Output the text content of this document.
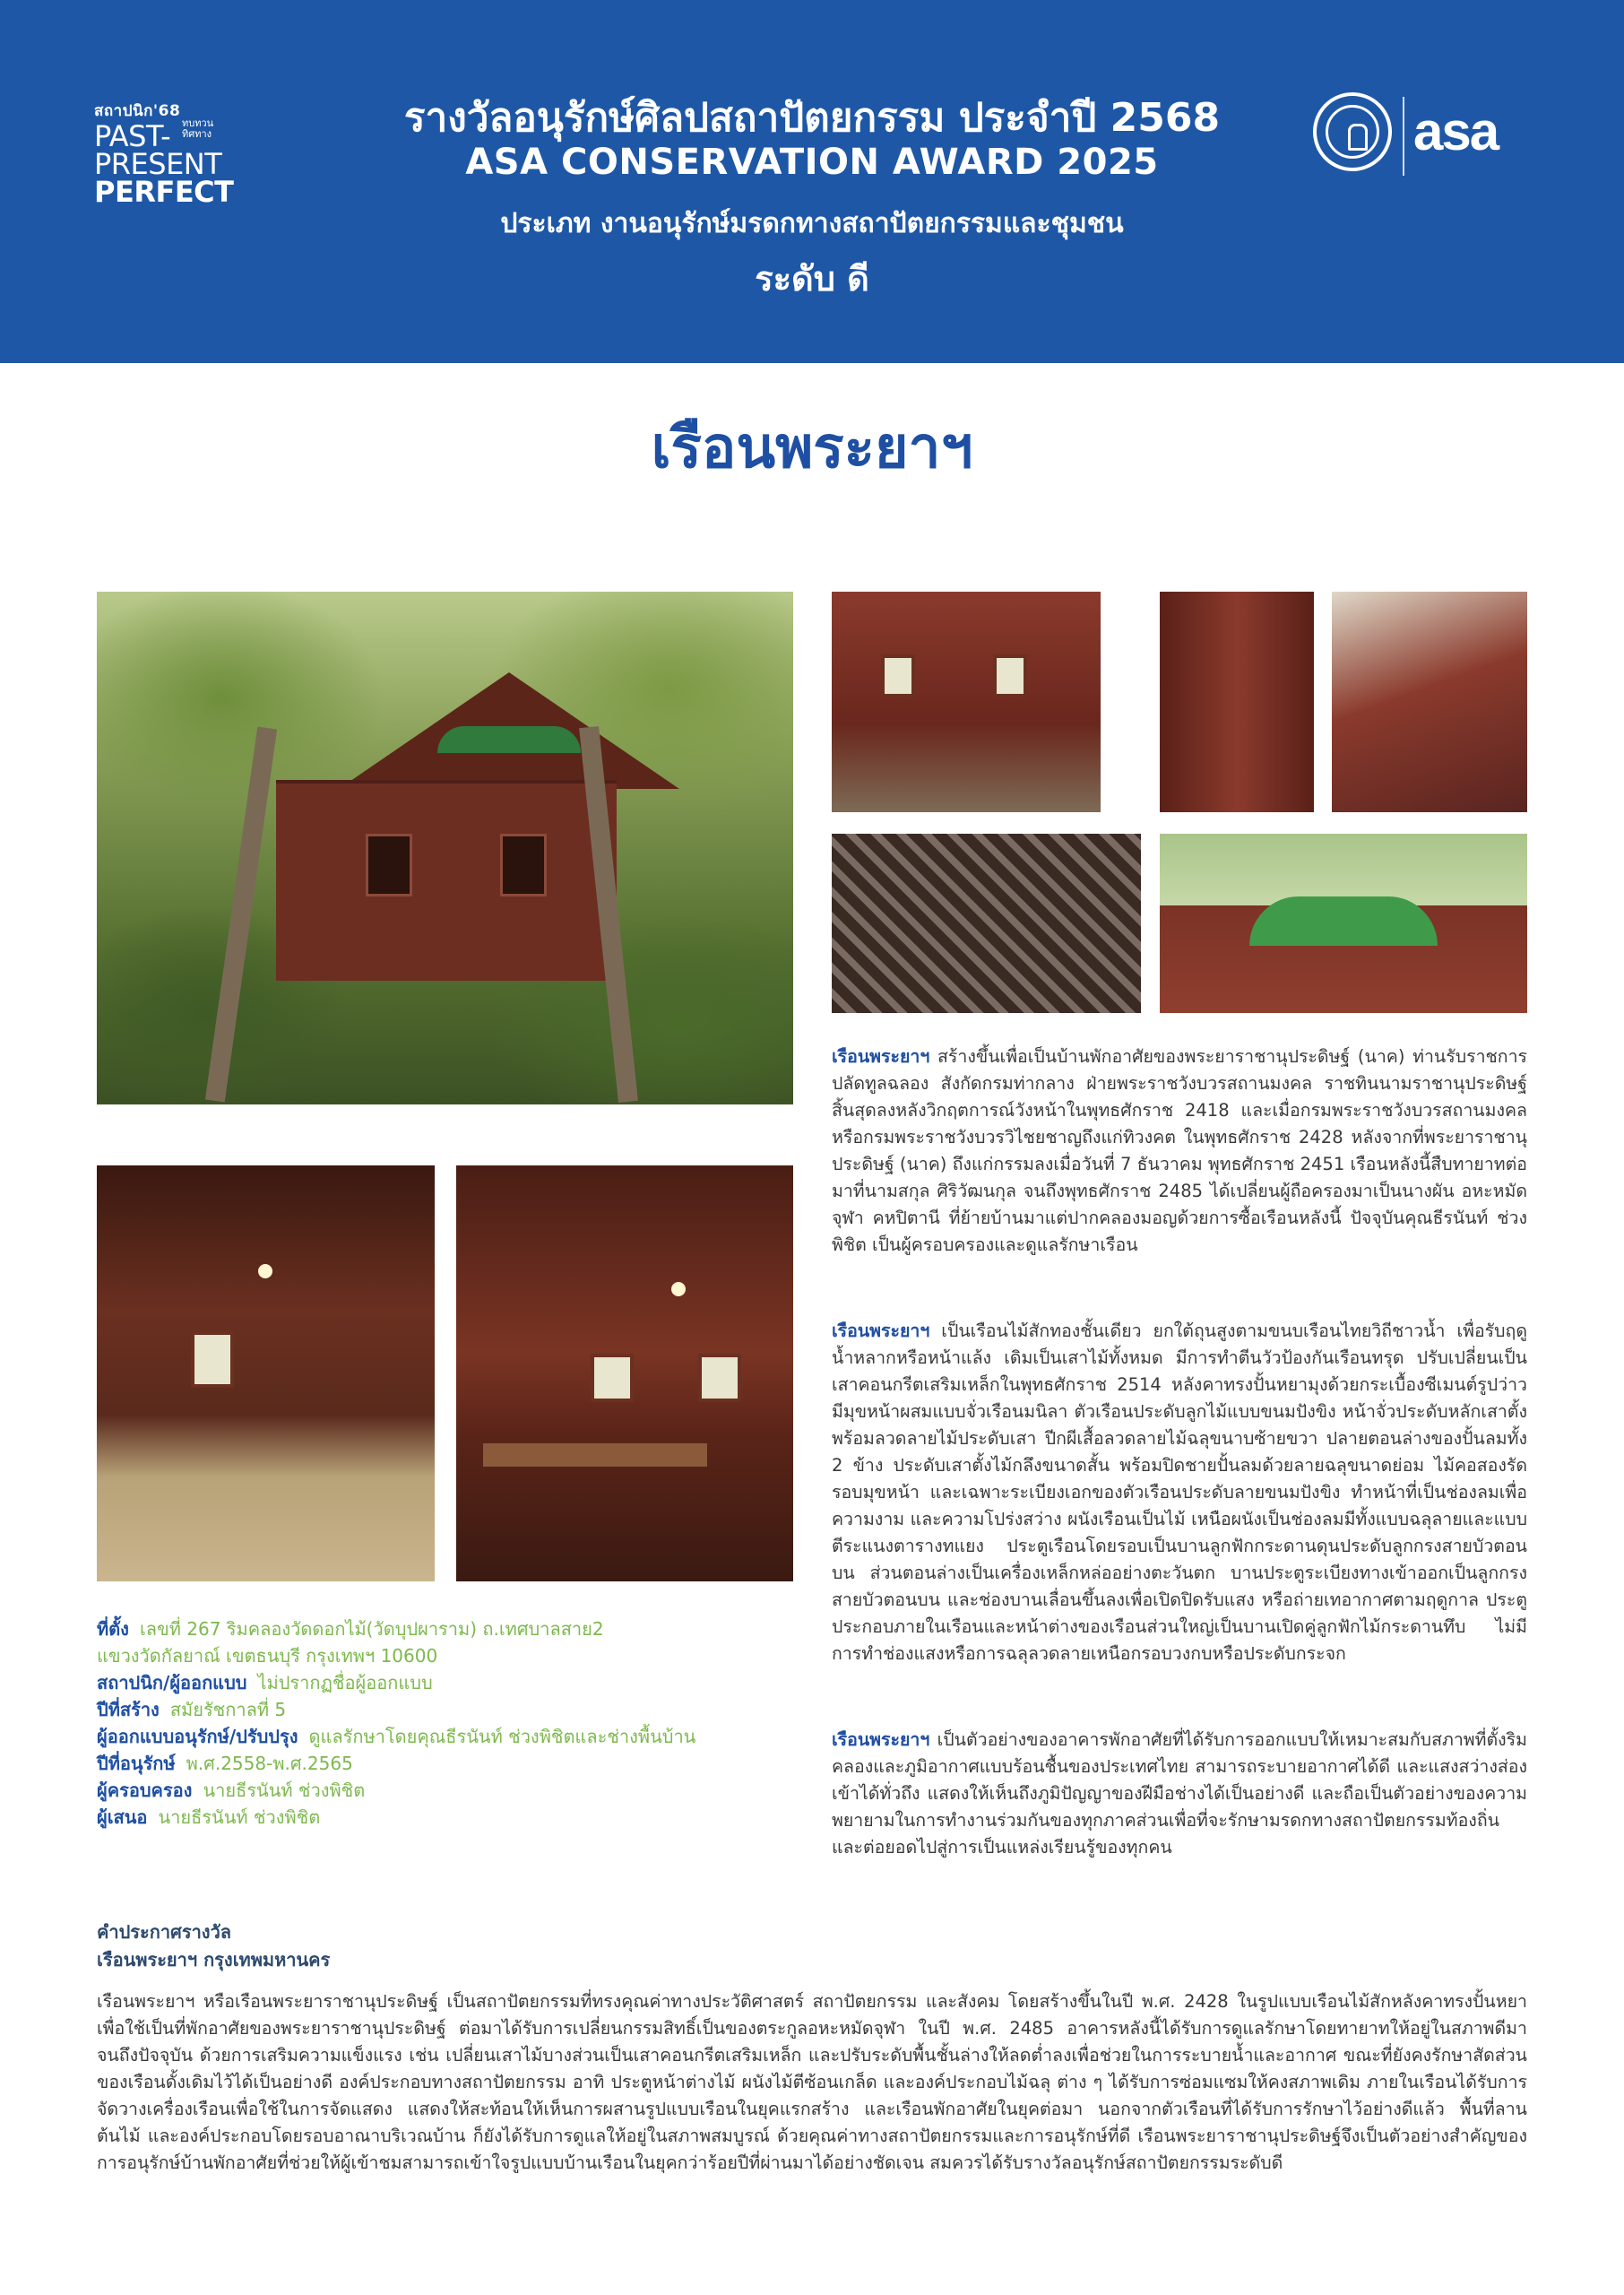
สถาปนิก'68
PAST-
PRESENT
PERFECT
ทบทวน ทิศทาง	รางวัลอนุรักษ์ศิลปสถาปัตยกรรม ประจำปี 2568
ASA CONSERVATION AWARD 2025
ประเภท งานอนุรักษ์มรดกทางสถาปัตยกรรมและชุมชน
ระดับ ดี
asa
เรือนพระยาฯ

เรือนพระยาฯ สร้างขึ้นเพื่อเป็นบ้านพักอาศัยของพระยาราชานุประดิษฐ์ (นาค) ท่านรับราชการปลัดทูลฉลอง สังกัดกรมท่ากลาง ฝ่ายพระราชวังบวรสถานมงคล ราชทินนามราชานุประดิษฐ์สิ้นสุดลงหลังวิกฤตการณ์วังหน้าในพุทธศักราช 2418 และเมื่อกรมพระราชวังบวรสถานมงคลหรือกรมพระราชวังบวรวิไชยชาญถึงแก่ทิวงคต ในพุทธศักราช 2428 หลังจากที่พระยาราชานุประดิษฐ์ (นาค) ถึงแก่กรรมลงเมื่อวันที่ 7 ธันวาคม พุทธศักราช 2451 เรือนหลังนี้สืบทายาทต่อมาที่นามสกุล ศิริวัฒนกุล จนถึงพุทธศักราช 2485 ได้เปลี่ยนผู้ถือครองมาเป็นนางผัน อหะหมัดจุฬา คหปิตานี ที่ย้ายบ้านมาแต่ปากคลองมอญด้วยการซื้อเรือนหลังนี้ ปัจจุบันคุณธีรนันท์ ช่วงพิชิต เป็นผู้ครอบครองและดูแลรักษาเรือน

เรือนพระยาฯ เป็นเรือนไม้สักทองชั้นเดียว ยกใต้ถุนสูงตามขนบเรือนไทยวิถีชาวน้ำ เพื่อรับฤดูน้ำหลากหรือหน้าแล้ง เดิมเป็นเสาไม้ทั้งหมด มีการทำตีนวัวป้องกันเรือนทรุด ปรับเปลี่ยนเป็นเสาคอนกรีตเสริมเหล็กในพุทธศักราช 2514 หลังคาทรงปั้นหยามุงด้วยกระเบื้องซีเมนต์รูปว่าว มีมุขหน้าผสมแบบจั่วเรือนมนิลา ตัวเรือนประดับลูกไม้แบบขนมปังขิง หน้าจั่วประดับหลักเสาตั้งพร้อมลวดลายไม้ประดับเสา ปีกผีเสื้อลวดลายไม้ฉลุขนาบซ้ายขวา ปลายตอนล่างของปั้นลมทั้ง 2 ข้าง ประดับเสาตั้งไม้กลึงขนาดสั้น พร้อมปิดชายปั้นลมด้วยลายฉลุขนาดย่อม ไม้คอสองรัดรอบมุขหน้า และเฉพาะระเบียงเอกของตัวเรือนประดับลายขนมปังขิง ทำหน้าที่เป็นช่องลมเพื่อความงาม และความโปร่งสว่าง ผนังเรือนเป็นไม้ เหนือผนังเป็นช่องลมมีทั้งแบบฉลุลายและแบบตีระแนงตารางทแยง ประตูเรือนโดยรอบเป็นบานลูกฟักกระดานดุนประดับลูกกรงสายบัวตอนบน ส่วนตอนล่างเป็นเครื่องเหล็กหล่ออย่างตะวันตก บานประตูระเบียงทางเข้าออกเป็นลูกกรงสายบัวตอนบน และช่องบานเลื่อนขึ้นลงเพื่อเปิดปิดรับแสง หรือถ่ายเทอากาศตามฤดูกาล ประตูประกอบภายในเรือนและหน้าต่างของเรือนส่วนใหญ่เป็นบานเปิดคู่ลูกฟักไม้กระดานทึบ ไม่มีการทำช่องแสงหรือการฉลุลวดลายเหนือกรอบวงกบหรือประดับกระจก

เรือนพระยาฯ เป็นตัวอย่างของอาคารพักอาศัยที่ได้รับการออกแบบให้เหมาะสมกับสภาพที่ตั้งริมคลองและภูมิอากาศแบบร้อนชื้นของประเทศไทย สามารถระบายอากาศได้ดี และแสงสว่างส่องเข้าได้ทั่วถึง แสดงให้เห็นถึงภูมิปัญญาของฝีมือช่างได้เป็นอย่างดี และถือเป็นตัวอย่างของความพยายามในการทำงานร่วมกันของทุกภาคส่วนเพื่อที่จะรักษามรดกทางสถาปัตยกรรมท้องถิ่นและต่อยอดไปสู่การเป็นแหล่งเรียนรู้ของทุกคน

ที่ตั้ง เลขที่ 267 ริมคลองวัดดอกไม้(วัดบุปผาราม) ถ.เทศบาลสาย2
แขวงวัดกัลยาณ์ เขตธนบุรี กรุงเทพฯ 10600
สถาปนิก/ผู้ออกแบบ ไม่ปรากฏชื่อผู้ออกแบบ
ปีที่สร้าง สมัยรัชกาลที่ 5
ผู้ออกแบบอนุรักษ์/ปรับปรุง ดูแลรักษาโดยคุณธีรนันท์ ช่วงพิชิตและช่างพื้นบ้าน
ปีที่อนุรักษ์ พ.ศ.2558-พ.ศ.2565
ผู้ครอบครอง นายธีรนันท์ ช่วงพิชิต
ผู้เสนอ นายธีรนันท์ ช่วงพิชิต

คำประกาศรางวัล

เรือนพระยาฯ กรุงเทพมหานคร

เรือนพระยาฯ หรือเรือนพระยาราชานุประดิษฐ์ เป็นสถาปัตยกรรมที่ทรงคุณค่าทางประวัติศาสตร์ สถาปัตยกรรม และสังคม โดยสร้างขึ้นในปี พ.ศ. 2428 ในรูปแบบเรือนไม้สักหลังคาทรงปั้นหยา เพื่อใช้เป็นที่พักอาศัยของพระยาราชานุประดิษฐ์ ต่อมาได้รับการเปลี่ยนกรรมสิทธิ์เป็นของตระกูลอหะหมัดจุฬา ในปี พ.ศ. 2485 อาคารหลังนี้ได้รับการดูแลรักษาโดยทายาทให้อยู่ในสภาพดีมาจนถึงปัจจุบัน ด้วยการเสริมความแข็งแรง เช่น เปลี่ยนเสาไม้บางส่วนเป็นเสาคอนกรีตเสริมเหล็ก และปรับระดับพื้นชั้นล่างให้ลดต่ำลงเพื่อช่วยในการระบายน้ำและอากาศ ขณะที่ยังคงรักษาสัดส่วนของเรือนดั้งเดิมไว้ได้เป็นอย่างดี องค์ประกอบทางสถาปัตยกรรม อาทิ ประตูหน้าต่างไม้ ผนังไม้ตีซ้อนเกล็ด และองค์ประกอบไม้ฉลุ ต่าง ๆ ได้รับการซ่อมแซมให้คงสภาพเดิม ภายในเรือนได้รับการจัดวางเครื่องเรือนเพื่อใช้ในการจัดแสดง แสดงให้สะท้อนให้เห็นการผสานรูปแบบเรือนในยุคแรกสร้าง และเรือนพักอาศัยในยุคต่อมา นอกจากตัวเรือนที่ได้รับการรักษาไว้อย่างดีแล้ว พื้นที่ลาน ต้นไม้ และองค์ประกอบโดยรอบอาณาบริเวณบ้าน ก็ยังได้รับการดูแลให้อยู่ในสภาพสมบูรณ์ ด้วยคุณค่าทางสถาปัตยกรรมและการอนุรักษ์ที่ดี เรือนพระยาราชานุประดิษฐ์จึงเป็นตัวอย่างสำคัญของการอนุรักษ์บ้านพักอาศัยที่ช่วยให้ผู้เข้าชมสามารถเข้าใจรูปแบบบ้านเรือนในยุคกว่าร้อยปีที่ผ่านมาได้อย่างชัดเจน สมควรได้รับรางวัลอนุรักษ์สถาปัตยกรรมระดับดี
